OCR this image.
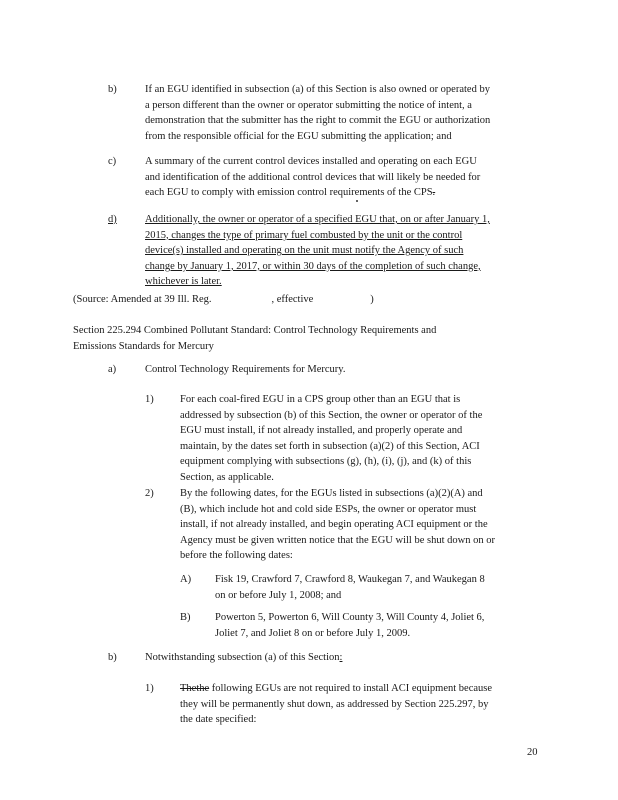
b)	If an EGU identified in subsection (a) of this Section is also owned or operated by
a person different than the owner or operator submitting the notice of intent, a
demonstration that the submitter has the right to commit the EGU or authorization
from the responsible official for the EGU submitting the application; and
c)	A summary of the current control devices installed and operating on each EGU
and identification of the additional control devices that will likely be needed for
each EGU to comply with emission control requirements of the CPS.
d)	Additionally, the owner or operator of a specified EGU that, on or after January 1,
2015, changes the type of primary fuel combusted by the unit or the control
device(s) installed and operating on the unit must notify the Agency of such
change by January 1, 2017, or within 30 days of the completion of such change,
whichever is later.
(Source: Amended at 39 Ill. Reg.	, effective	)
Section 225.294 Combined Pollutant Standard: Control Technology Requirements and
Emissions Standards for Mercury
a)	Control Technology Requirements for Mercury.
1)	For each coal-fired EGU in a CPS group other than an EGU that is
addressed by subsection (b) of this Section, the owner or operator of the
EGU must install, if not already installed, and properly operate and
maintain, by the dates set forth in subsection (a)(2) of this Section, ACI
equipment complying with subsections (g), (h), (i), (j), and (k) of this
Section, as applicable.
2)	By the following dates, for the EGUs listed in subsections (a)(2)(A) and
(B), which include hot and cold side ESPs, the owner or operator must
install, if not already installed, and begin operating ACI equipment or the
Agency must be given written notice that the EGU will be shut down on or
before the following dates:
A) Fisk 19, Crawford 7, Crawford 8, Waukegan 7, and Waukegan 8
on or before July 1, 2008; and
B) Powerton 5, Powerton 6, Will County 3, Will County 4, Joliet 6,
Joliet 7, and Joliet 8 on or before July 1, 2009.
b)	Notwithstanding subsection (a) of this Section:
1)	Thethe following EGUs are not required to install ACI equipment because
they will be permanently shut down, as addressed by Section 225.297, by
the date specified:
20
